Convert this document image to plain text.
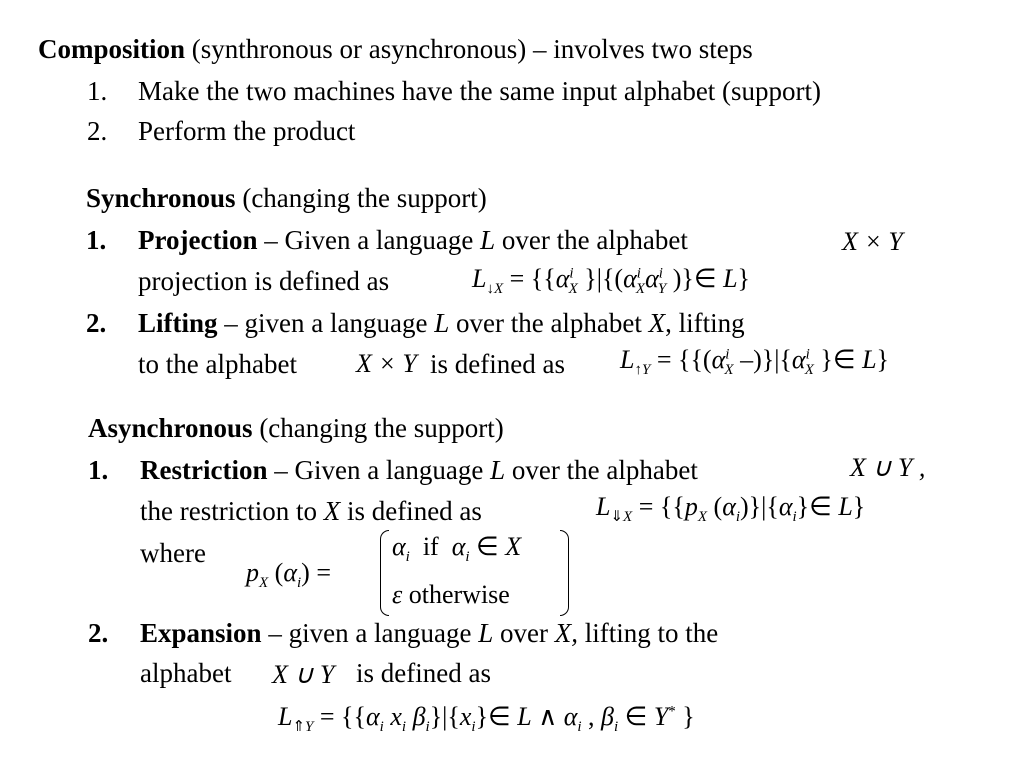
Composition (synthronous or asynchronous) – involves two steps
1. Make the two machines have the same input alphabet (support)
2. Perform the product
Synchronous (changing the support)
1. Projection – Given a language L over the alphabet	X × Y
projection is defined as	$L_{↓X} = \{\{\alpha^i_X$ }$|\{(\alpha^i_X\alpha^i_Y$ )}∈ L}
2. Lifting – given a language L over the alphabet X, lifting
to the alphabet X × Y is defined as $L_{↑Y} = \{\{(\alpha^i_X$ $-)\}|\{\alpha^i_X$ }∈ L}
Asynchronous (changing the support)
1. Restriction – Given a language L over the alphabet	X ∪ Y ,
the restriction to X is defined as	$L_{⇓X} = \{\{p_X$ $(\alpha_i)\}|\{\alpha_i\}\in$ L}
where
$p_X$ $(\alpha_i)$ =
$\alpha_i$  if  $\alpha_i$ ∈ X
ε otherwise
2. Expansion – given a language L over X, lifting to the
alphabet X ∪ Y is defined as
$L_{⇑Y} = \{\{\alpha_i$ $x_i$ $\beta_i\}|\{x_i\}\in$ L ∧ $\alpha_i$ , $\beta_i$ ∈ Y* }
